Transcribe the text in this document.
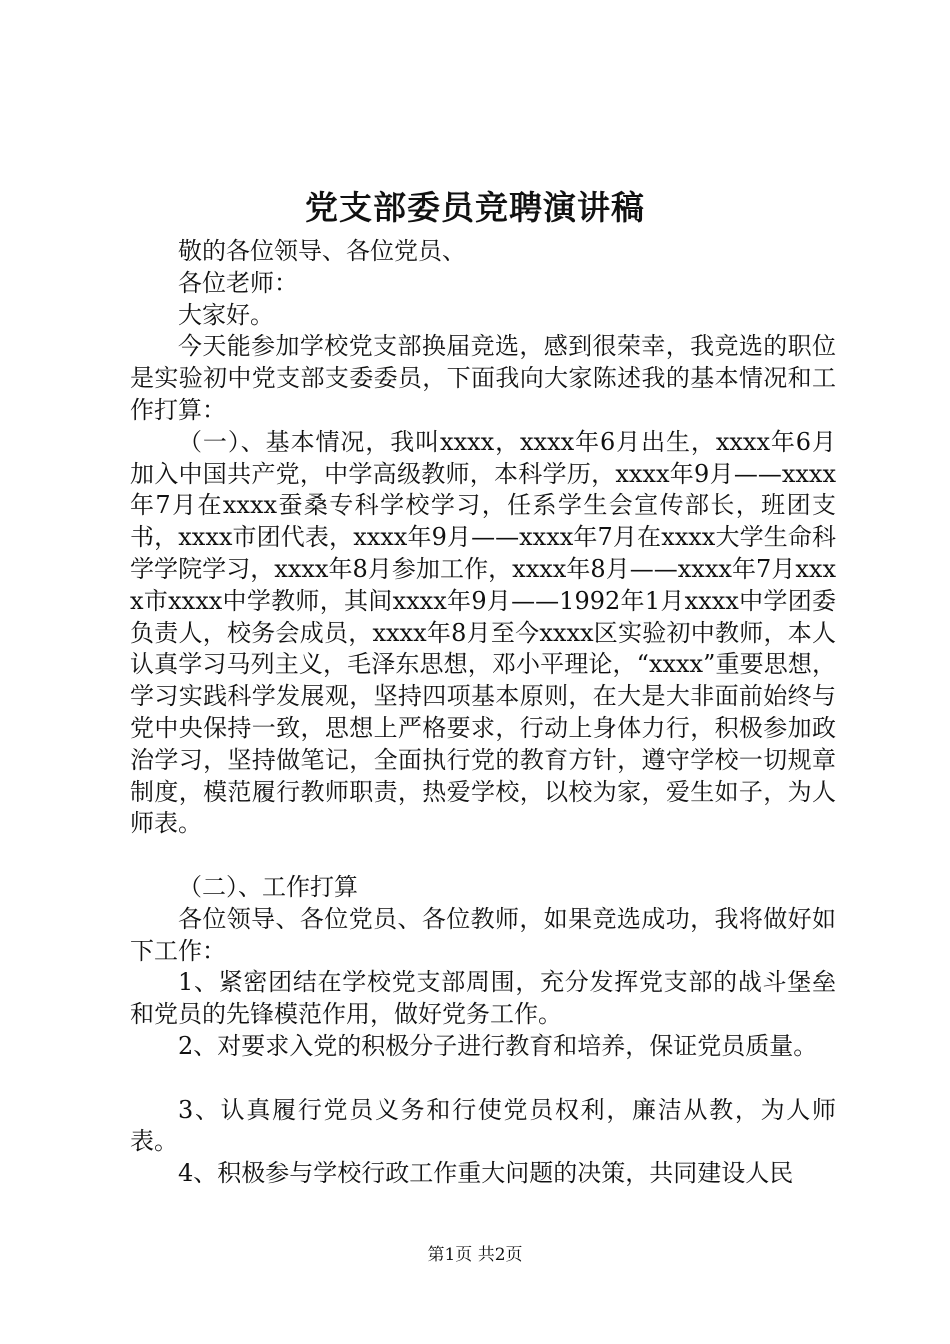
党支部委员竞聘演讲稿

敬的各位领导、各位党员、

各位老师：

大家好。

今天能参加学校党支部换届竞选，感到很荣幸，我竞选的职位是实验初中党支部支委委员，下面我向大家陈述我的基本情况和工作打算：

（一）、基本情况，我叫xxxx，xxxx年6月出生，xxxx年6月加入中国共产党，中学高级教师，本科学历，xxxx年9月——xxxx年7月在xxxx蚕桑专科学校学习，任系学生会宣传部长，班团支书，xxxx市团代表，xxxx年9月——xxxx年7月在xxxx大学生命科学学院学习，xxxx年8月参加工作，xxxx年8月——xxxx年7月xxxx市xxxx中学教师，其间xxxx年9月——1992年1月xxxx中学团委负责人，校务会成员，xxxx年8月至今xxxx区实验初中教师，本人认真学习马列主义，毛泽东思想，邓小平理论，“xxxx”重要思想，学习实践科学发展观，坚持四项基本原则，在大是大非面前始终与党中央保持一致，思想上严格要求，行动上身体力行，积极参加政治学习，坚持做笔记，全面执行党的教育方针，遵守学校一切规章制度，模范履行教师职责，热爱学校，以校为家，爱生如子，为人师表。

（二）、工作打算

各位领导、各位党员、各位教师，如果竞选成功，我将做好如下工作：

1、紧密团结在学校党支部周围，充分发挥党支部的战斗堡垒和党员的先锋模范作用，做好党务工作。

2、对要求入党的积极分子进行教育和培养，保证党员质量。

3、认真履行党员义务和行使党员权利，廉洁从教，为人师表。

4、积极参与学校行政工作重大问题的决策，共同建设人民

第1页 共2页
